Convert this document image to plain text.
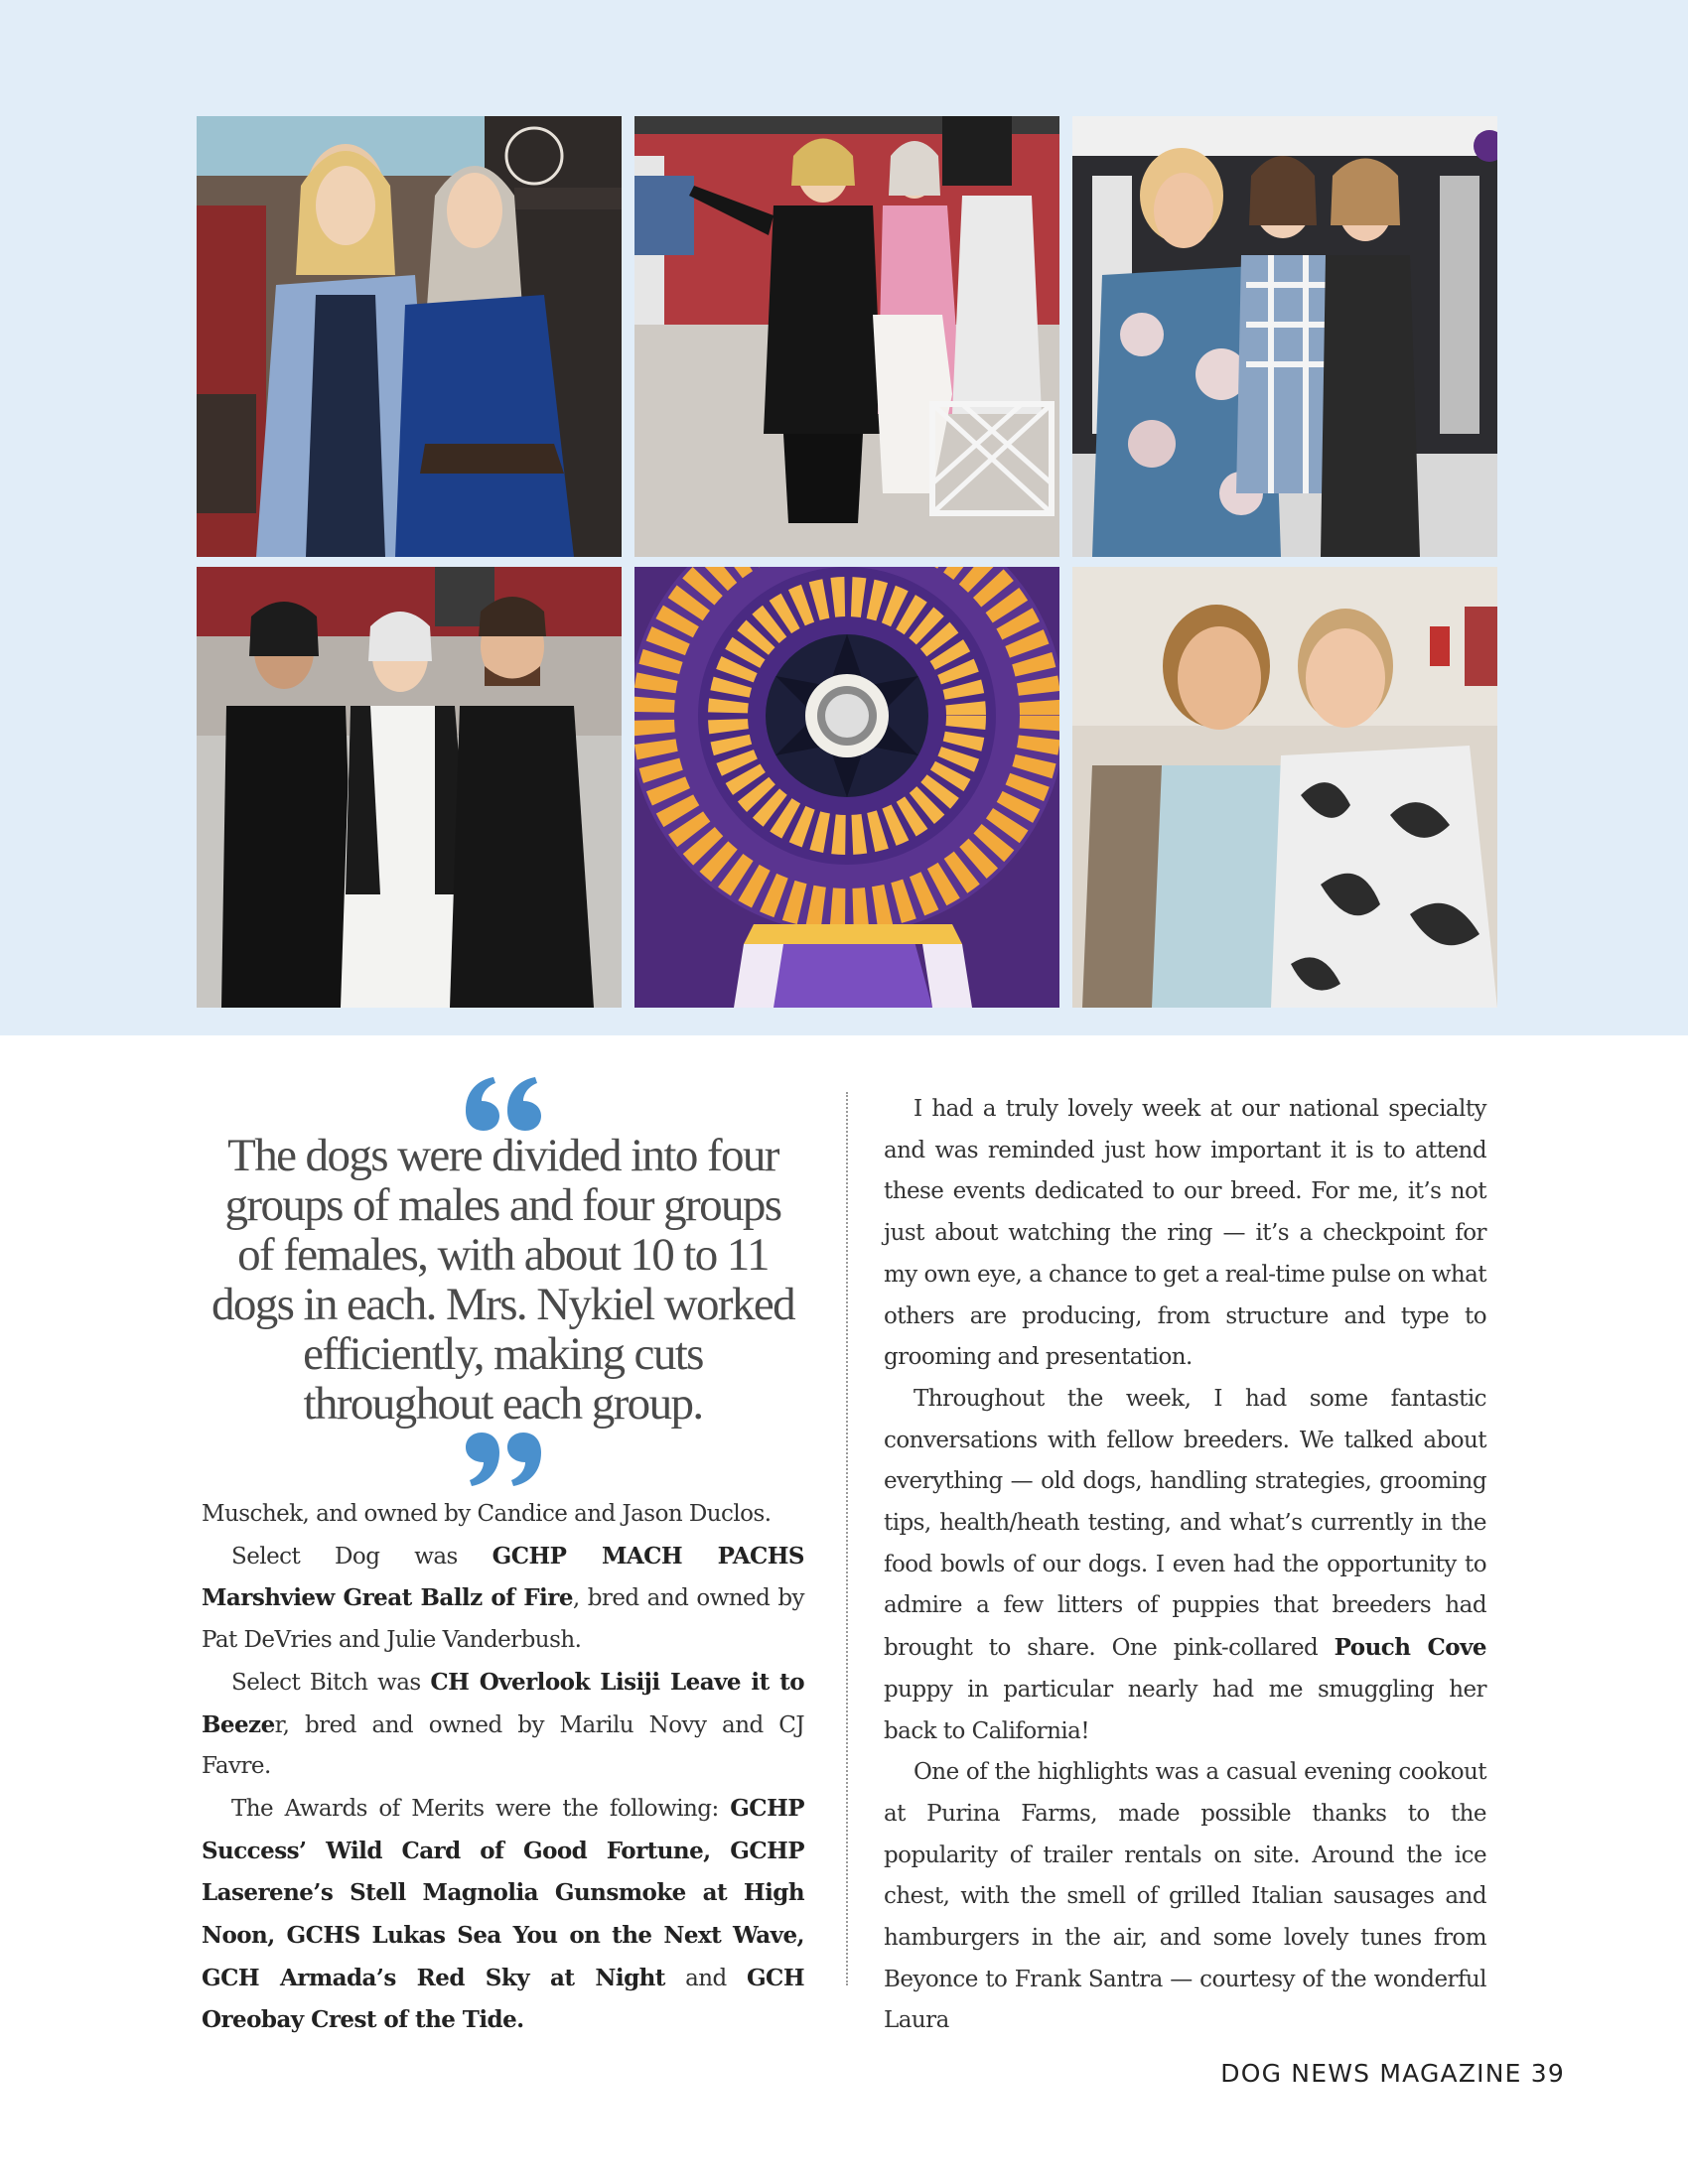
The dogs were divided into four groups of males and four groups of females, with about 10 to 11 dogs in each. Mrs. Nykiel worked efficiently, making cuts throughout each group.

Muschek, and owned by Candice and Jason Duclos.

Select Dog was GCHP MACH PACHS Marshview Great Ballz of Fire, bred and owned by Pat DeVries and Julie Vanderbush.

Select Bitch was CH Overlook Lisiji Leave it to Beezer, bred and owned by Marilu Novy and CJ Favre.

The Awards of Merits were the following: GCHP Success’ Wild Card of Good Fortune, GCHP Laserene’s Stell Magnolia Gunsmoke at High Noon, GCHS Lukas Sea You on the Next Wave, GCH Armada’s Red Sky at Night and GCH Oreobay Crest of the Tide.

I had a truly lovely week at our national specialty and was reminded just how important it is to attend these events dedicated to our breed. For me, it’s not just about watching the ring — it’s a checkpoint for my own eye, a chance to get a real-time pulse on what others are producing, from structure and type to grooming and presentation.

Throughout the week, I had some fantastic conversations with fellow breeders. We talked about everything — old dogs, handling strategies, grooming tips, health/heath testing, and what’s currently in the food bowls of our dogs. I even had the opportunity to admire a few litters of puppies that breeders had brought to share. One pink-collared Pouch Cove puppy in particular nearly had me smuggling her back to California!

One of the highlights was a casual evening cookout at Purina Farms, made possible thanks to the popularity of trailer rentals on site. Around the ice chest, with the smell of grilled Italian sausages and hamburgers in the air, and some lovely tunes from Beyonce to Frank Santra — courtesy of the wonderful Laura

DOG NEWS MAGAZINE 39
